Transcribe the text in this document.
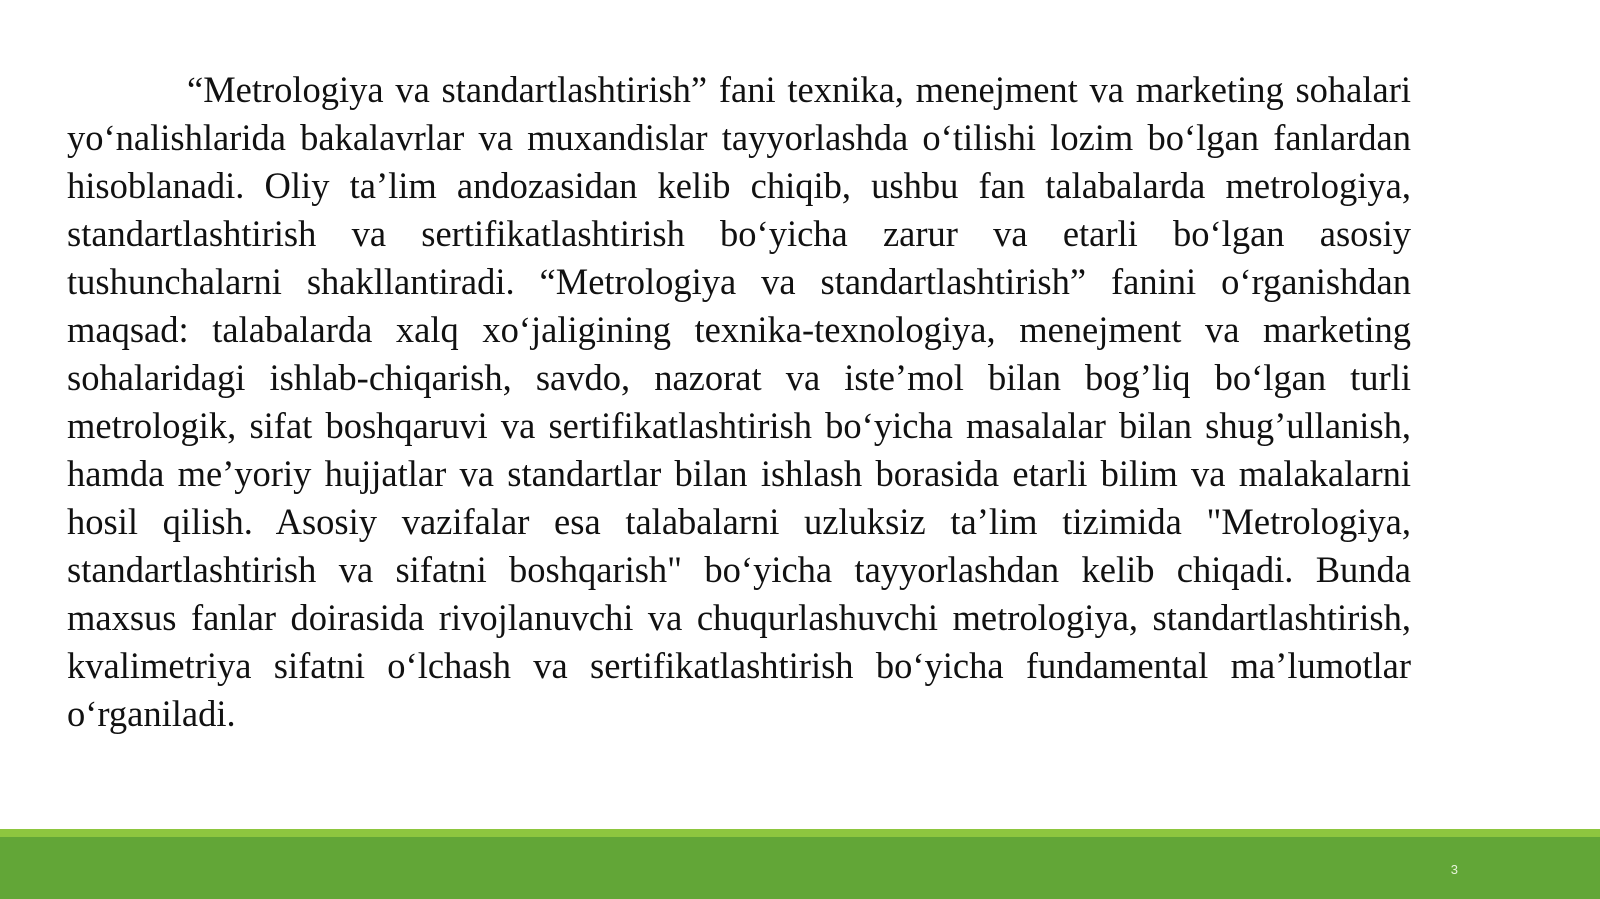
“Metrologiya va standartlashtirish” fani texnika, menejment va marketing sohalari yo‘nalishlarida bakalavrlar va muxandislar tayyorlashda o‘tilishi lozim bo‘lgan fanlardan hisoblanadi. Oliy ta’lim andozasidan kelib chiqib, ushbu fan talabalarda metrologiya, standartlashtirish va sertifikatlashtirish bo‘yicha zarur va etarli bo‘lgan asosiy tushunchalarni shakllantiradi. “Metrologiya va standartlashtirish” fanini o‘rganishdan maqsad: talabalarda xalq xo‘jaligining texnika-texnologiya, menejment va marketing sohalaridagi ishlab-chiqarish, savdo, nazorat va iste’mol bilan bog’liq bo‘lgan turli metrologik, sifat boshqaruvi va sertifikatlashtirish bo‘yicha masalalar bilan shug’ullanish, hamda me’yoriy hujjatlar va standartlar bilan ishlash borasida etarli bilim va malakalarni hosil qilish. Asosiy vazifalar esa talabalarni uzluksiz ta’lim tizimida "Metrologiya, standartlashtirish va sifatni boshqarish" bo‘yicha tayyorlashdan kelib chiqadi. Bunda maxsus fanlar doirasida rivojlanuvchi va chuqurlashuvchi metrologiya, standartlashtirish, kvalimetriya sifatni o‘lchash va sertifikatlashtirish bo‘yicha fundamental ma’lumotlar o‘rganiladi.

3
